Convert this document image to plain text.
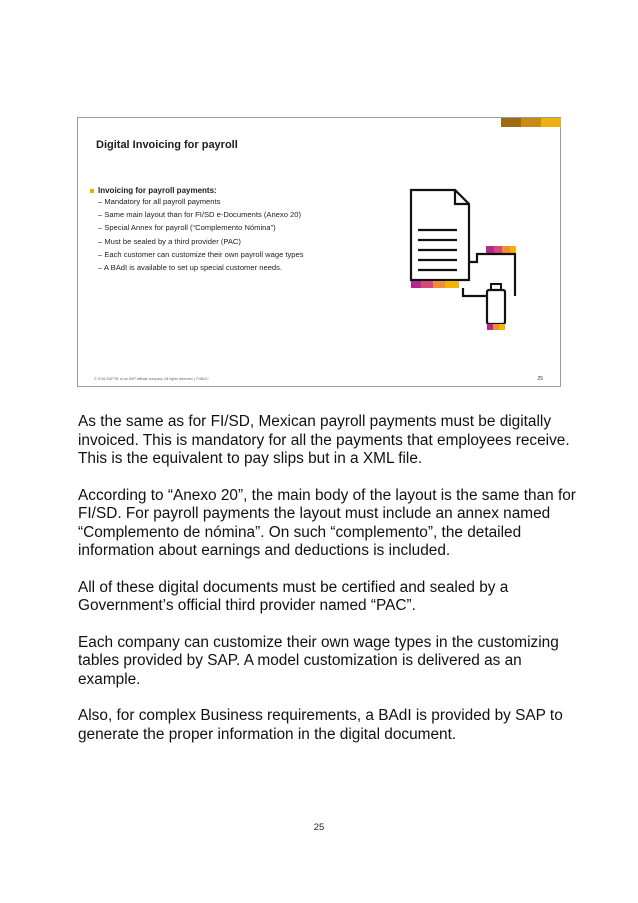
Digital Invoicing for payroll
Invoicing for payroll payments:
– Mandatory for all payroll payments
– Same main layout than for FI/SD e-Documents (Anexo 20)
– Special Annex for payroll (“Complemento Nómina”)
– Must be sealed by a third provider (PAC)
– Each customer can customize their own payroll wage types
– A BAdI is available to set up special customer needs.
© 2016 SAP SE or an SAP affiliate company. All rights reserved. | PUBLIC	25

As the same as for FI/SD, Mexican payroll payments must be digitally invoiced. This is mandatory for all the payments that employees receive. This is the equivalent to pay slips but in a XML file.

According to “Anexo 20”, the main body of the layout is the same than for FI/SD. For payroll payments the layout must include an annex named “Complemento de nómina”. On such “complemento”, the detailed information about earnings and deductions is included.

All of these digital documents must be certified and sealed by a Government’s official third provider named “PAC”.

Each company can customize their own wage types in the customizing tables provided by SAP. A model customization is delivered as an example.

Also, for complex Business requirements, a BAdI is provided by SAP to generate the proper information in the digital document.

25
